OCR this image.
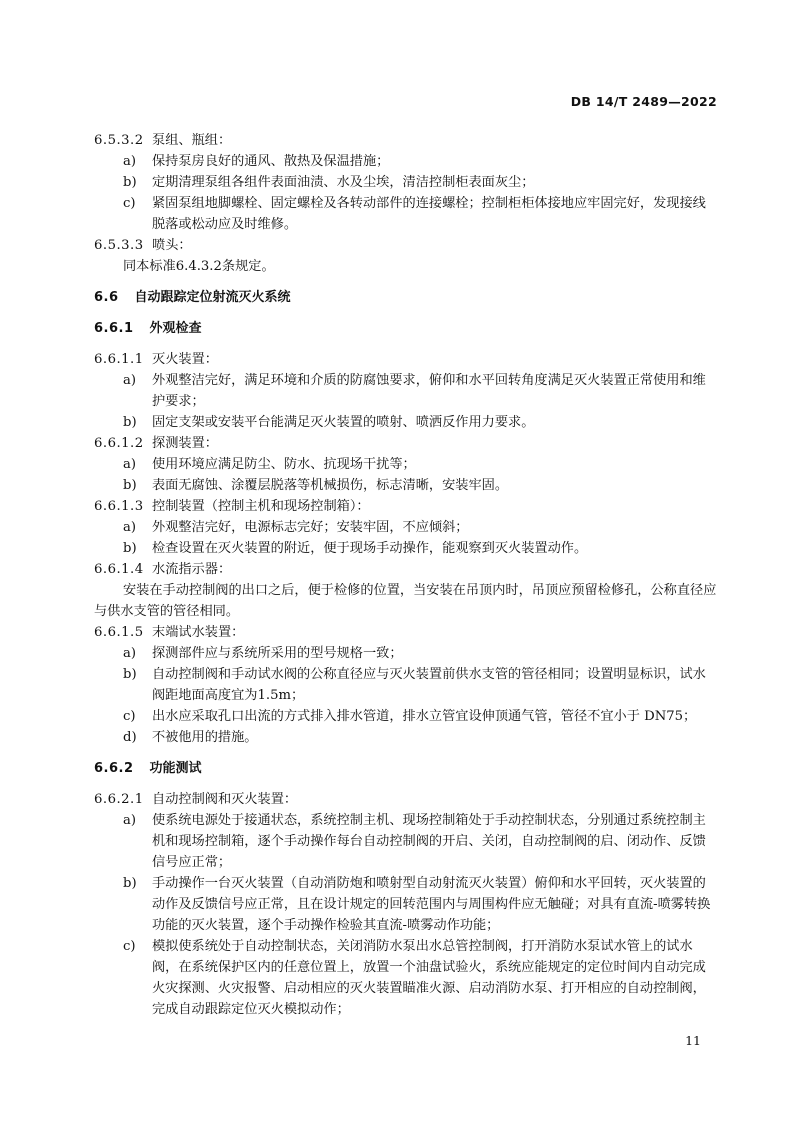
DB 14/T 2489—2022

6.5.3.2 泵组、瓶组：

a) 保持泵房良好的通风、散热及保温措施；

b) 定期清理泵组各组件表面油渍、水及尘埃，清洁控制柜表面灰尘；

c) 紧固泵组地脚螺栓、固定螺栓及各转动部件的连接螺栓；控制柜柜体接地应牢固完好，发现接线脱落或松动应及时维修。

6.5.3.3 喷头：

同本标准6.4.3.2条规定。

6.6 自动跟踪定位射流灭火系统

6.6.1 外观检查

6.6.1.1 灭火装置：

a) 外观整洁完好，满足环境和介质的防腐蚀要求，俯仰和水平回转角度满足灭火装置正常使用和维护要求；

b) 固定支架或安装平台能满足灭火装置的喷射、喷洒反作用力要求。

6.6.1.2 探测装置：

a) 使用环境应满足防尘、防水、抗现场干扰等；

b) 表面无腐蚀、涂覆层脱落等机械损伤，标志清晰，安装牢固。

6.6.1.3 控制装置（控制主机和现场控制箱）：

a) 外观整洁完好，电源标志完好；安装牢固，不应倾斜；

b) 检查设置在灭火装置的附近，便于现场手动操作，能观察到灭火装置动作。

6.6.1.4 水流指示器：

安装在手动控制阀的出口之后，便于检修的位置，当安装在吊顶内时，吊顶应预留检修孔，公称直径应与供水支管的管径相同。

6.6.1.5 末端试水装置：

a) 探测部件应与系统所采用的型号规格一致；

b) 自动控制阀和手动试水阀的公称直径应与灭火装置前供水支管的管径相同；设置明显标识，试水阀距地面高度宜为1.5m；

c) 出水应采取孔口出流的方式排入排水管道，排水立管宜设伸顶通气管，管径不宜小于 DN75；

d) 不被他用的措施。

6.6.2 功能测试

6.6.2.1 自动控制阀和灭火装置：

a) 使系统电源处于接通状态，系统控制主机、现场控制箱处于手动控制状态，分别通过系统控制主机和现场控制箱，逐个手动操作每台自动控制阀的开启、关闭，自动控制阀的启、闭动作、反馈信号应正常；

b) 手动操作一台灭火装置（自动消防炮和喷射型自动射流灭火装置）俯仰和水平回转，灭火装置的动作及反馈信号应正常，且在设计规定的回转范围内与周围构件应无触碰；对具有直流-喷雾转换功能的灭火装置，逐个手动操作检验其直流-喷雾动作功能；

c) 模拟使系统处于自动控制状态，关闭消防水泵出水总管控制阀，打开消防水泵试水管上的试水阀，在系统保护区内的任意位置上，放置一个油盘试验火，系统应能规定的定位时间内自动完成火灾探测、火灾报警、启动相应的灭火装置瞄准火源、启动消防水泵、打开相应的自动控制阀，完成自动跟踪定位灭火模拟动作；

11
